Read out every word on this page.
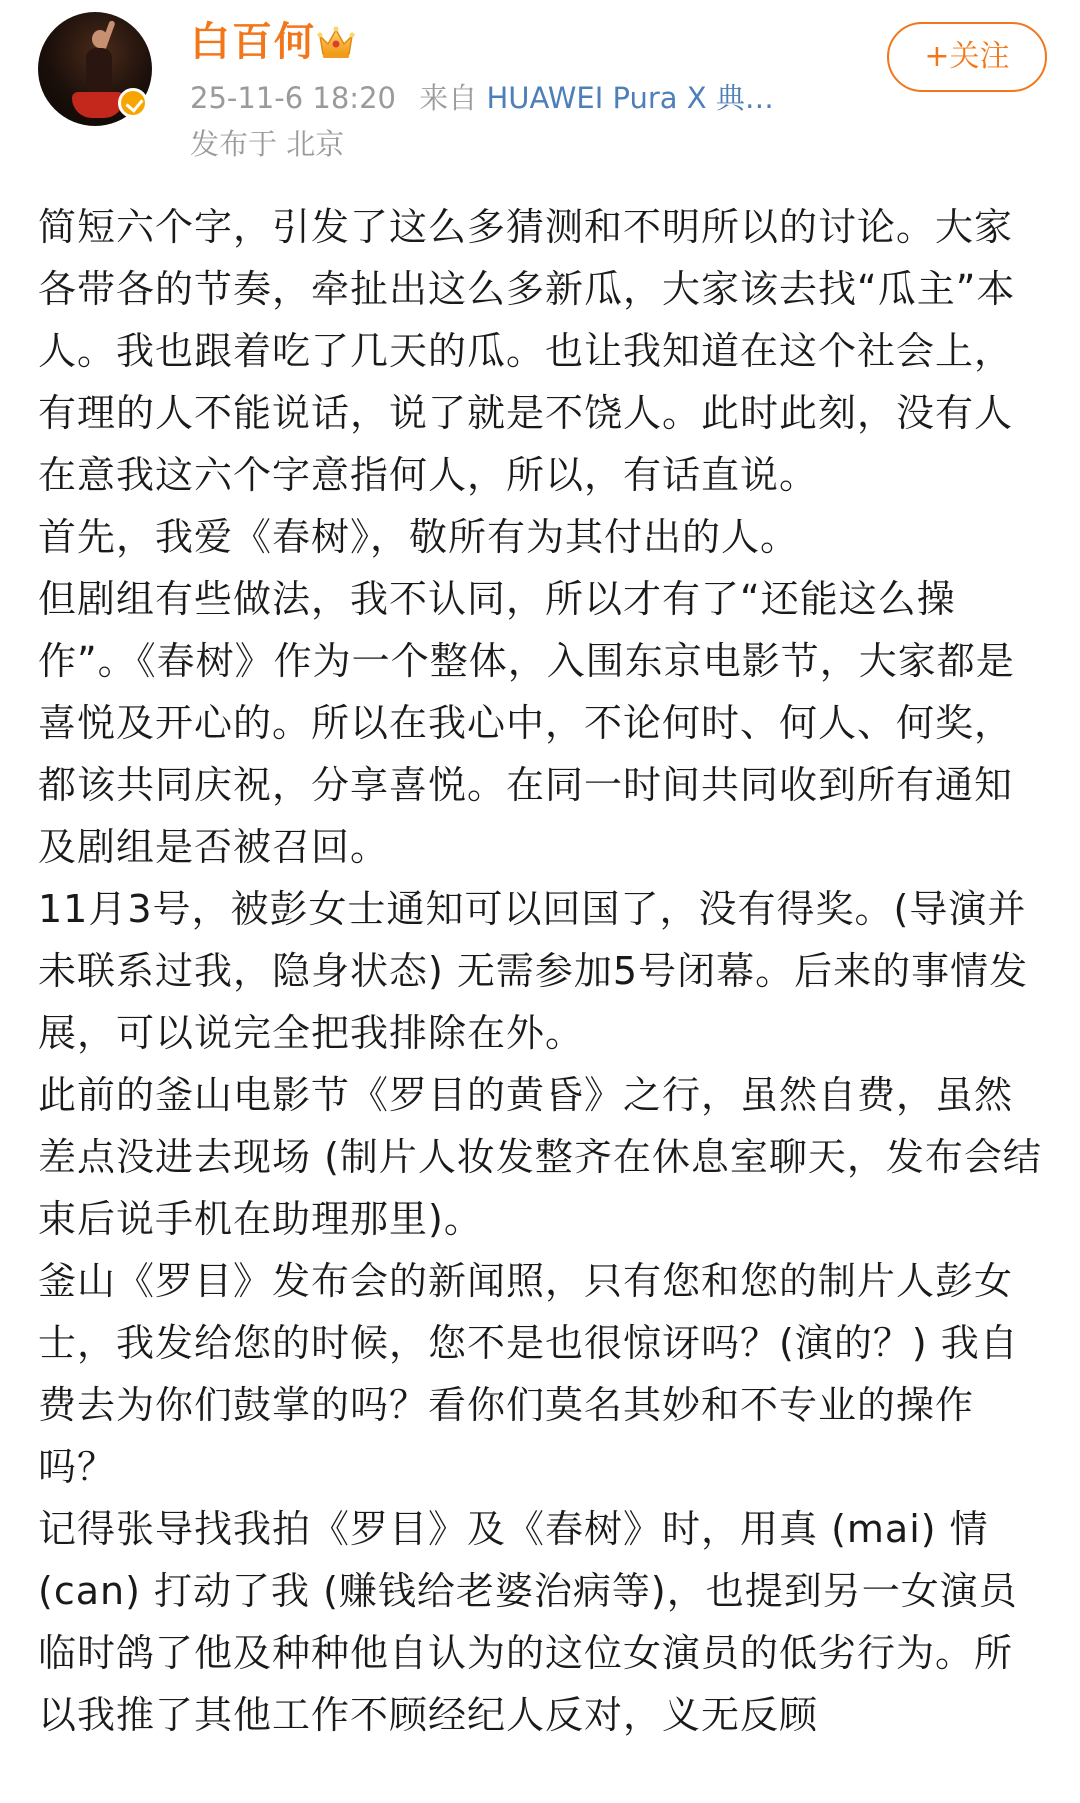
白百何
25-11-6 18:20 来自 HUAWEI Pura X 典…
发布于 北京
+关注

简短六个字，引发了这么多猜测和不明所以的讨论。大家各带各的节奏，牵扯出这么多新瓜，大家该去找“瓜主”本人。我也跟着吃了几天的瓜。也让我知道在这个社会上，有理的人不能说话，说了就是不饶人。此时此刻，没有人在意我这六个字意指何人，所以，有话直说。

首先，我爱《春树》，敬所有为其付出的人。

但剧组有些做法，我不认同，所以才有了“还能这么操作”。《春树》作为一个整体，入围东京电影节，大家都是喜悦及开心的。所以在我心中，不论何时、何人、何奖，都该共同庆祝，分享喜悦。在同一时间共同收到所有通知及剧组是否被召回。

11月3号，被彭女士通知可以回国了，没有得奖。(导演并未联系过我，隐身状态) 无需参加5号闭幕。后来的事情发展，可以说完全把我排除在外。

此前的釜山电影节《罗目的黄昏》之行，虽然自费，虽然差点没进去现场 (制片人妆发整齐在休息室聊天，发布会结束后说手机在助理那里)。

釜山《罗目》发布会的新闻照，只有您和您的制片人彭女士，我发给您的时候，您不是也很惊讶吗？(演的？) 我自费去为你们鼓掌的吗？看你们莫名其妙和不专业的操作吗？

记得张导找我拍《罗目》及《春树》时，用真 (mai) 情 (can) 打动了我 (赚钱给老婆治病等)，也提到另一女演员临时鸽了他及种种他自认为的这位女演员的低劣行为。所以我推了其他工作不顾经纪人反对，义无反顾
